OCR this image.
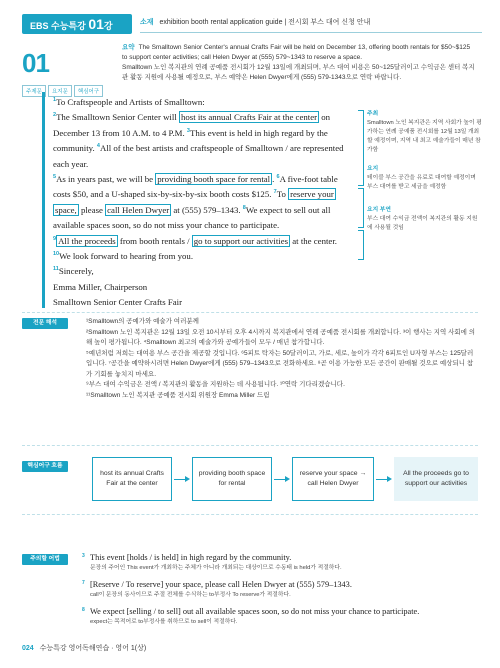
EBS 수능특강 01강	소재 exhibition booth rental application guide | 전시회 부스 대여 신청 안내
01
요약 The Smalltown Senior Center's annual Crafts Fair will be held on December 13, offering booth rentals for $50~$125 to support center activities; call Helen Dwyer at (555) 579~1343 to reserve a space.
Smalltown 노인 복지관의 연례 공예품 전시회가 12월 13일에 개최되며, 부스 대여 비용은 50~125달러이고 수익금은 센터 복지관 활동 지원에 사용될 예정으로, 부스 예약은 Helen Dwyer에게 (555) 579-1343으로 연락 바랍니다.
주제문	요지문	핵심어구
$^1$To Craftspeople and Artists of Smalltown:
$^2$The Smalltown Senior Center will host its annual Crafts Fair at the center on
December 13 from 10 A.M. to 4 P.M. $^3$This event is held in high regard by the
community. $^4$All of the best artists and craftspeople of Smalltown / are represented
each year.
$^5$As in years past, we will be providing booth space for rental . $^6$A five-foot table
costs $50, and a U-shaped six-by-six-by-six booth costs $125. $^7$To reserve your
space, please call Helen Dwyer at (555) 579–1343. $^8$We expect to sell out all
available spaces soon, so do not miss your chance to participate.
$^9$ All the proceeds from booth rentals / go to support our activities at the center.
$^{10}$We look forward to hearing from you.
$^{11}$Sincerely,
Emma Miller, Chairperson
Smalltown Senior Center Crafts Fair
주최
Smalltown 노인 복지관은 지역 사회가 높이 평가하는 연례 공예품 전시회를 12월 13일 개최할 예정이며, 지역 내 최고 예술가들이 매년 참가함
요지
테이블 부스 공간을 유료로 대여할 예정이며 부스 대여를 받고 세금을 예정함
요지 부연
부스 대여 수익금 전액이 복지관의 활동 지원에 사용될 것임
전문 해석	¹Smalltown의 공예가와 예술가 여러분께
²Smalltown 노인 복지관은 12월 13일 오전 10시부터 오후 4시까지 복지관에서 연례 공예품 전시회를 개최합니다. ³이 행사는 지역 사회에 의해 높이 평가됩니다. ⁴Smalltown 최고의 예술가와 공예가들이 모두 / 매년 참가합니다.
⁵예년처럼 저희는 대여용 부스 공간을 제공할 것입니다. ⁶5피트 탁자는 50달러이고, 가로, 세로, 높이가 각각 6피트인 U자형 부스는 125달러입니다. ⁷공간을 예약하시려면 Helen Dwyer에게 (555) 579–1343으로 전화하세요. ⁸곧 이용 가능한 모든 공간이 판매될 것으로 예상되니 참가 기회를 놓치지 마세요.
⁹부스 대여 수익금은 전액 / 복지관의 활동을 지원하는 데 사용됩니다. ¹⁰연락 기다리겠습니다.
¹¹Smalltown 노인 복지관 공예품 전시회 위원장 Emma Miller 드림
핵심어구 흐름
host its annual Crafts Fair at the center
providing booth space for rental
reserve your space → call Helen Dwyer
All the proceeds go to support our activities
주의할 어법	3 This event [holds / is held] in high regard by the community.
문장의 주어인 This event가 개최하는 주체가 아니라 개최되는 대상이므로 수동태 is held가 적절하다.
7 [Reserve / To reserve] your space, please call Helen Dwyer at (555) 579–1343.
call이 문장의 동사이므로 주절 전체를 수식하는 to부정사 To reserve가 적절하다.
8 We expect [selling / to sell] out all available spaces soon, so do not miss your chance to participate.
expect는 목적어로 to부정사를 취하므로 to sell이 적절하다.
024 수능특강 영어독해연습 · 영어 1(상)
